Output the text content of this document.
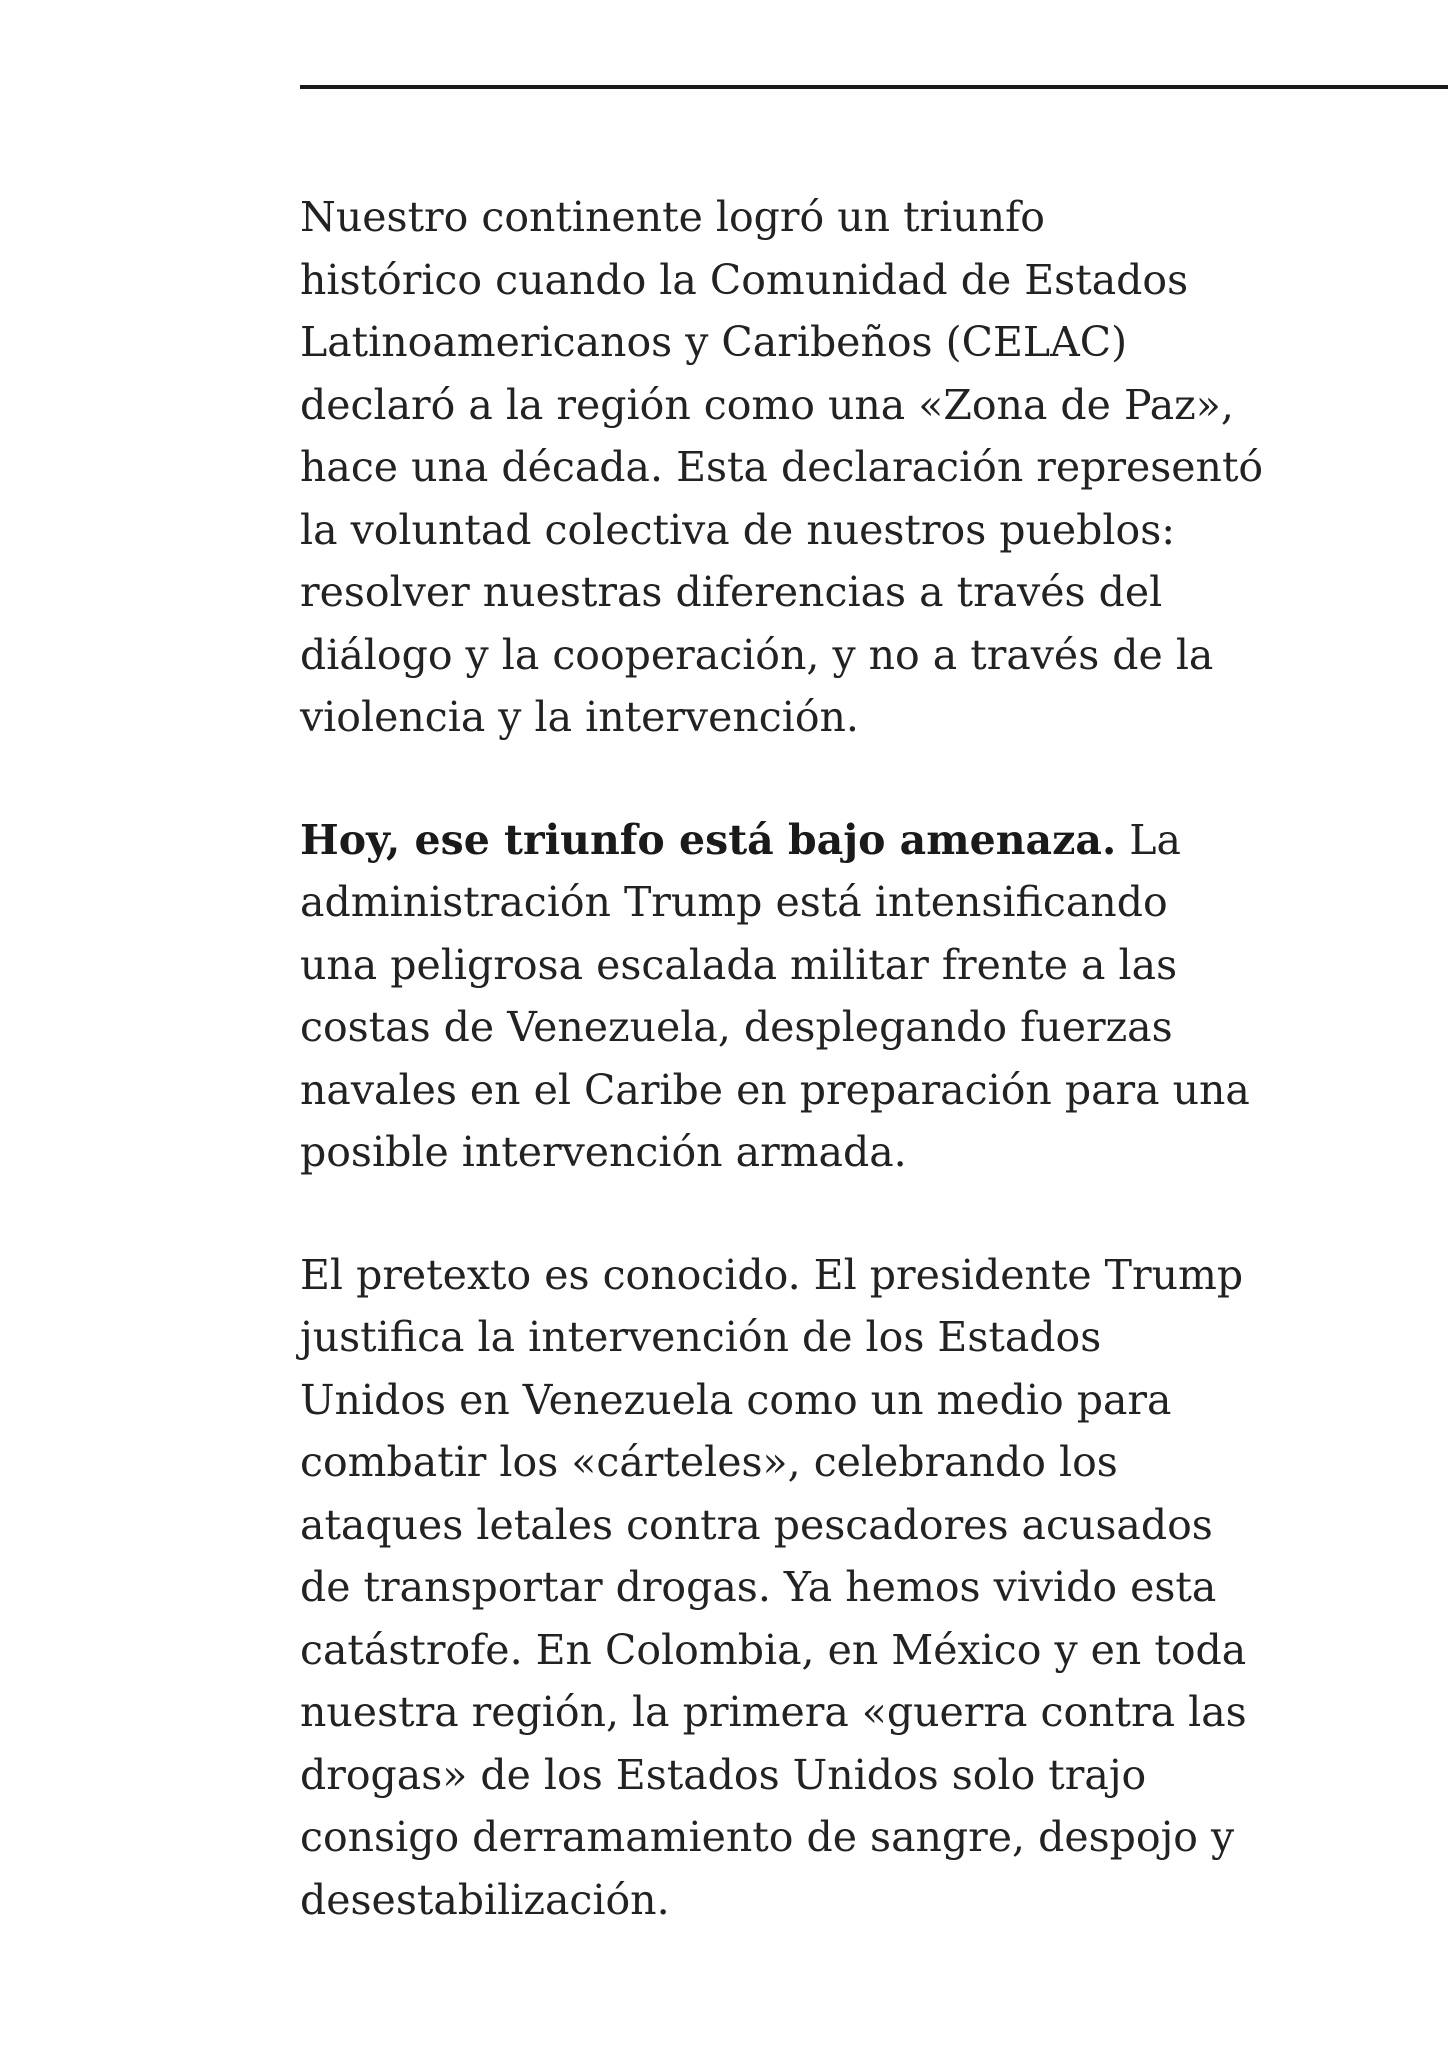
Nuestro continente logró un triunfo
histórico cuando la Comunidad de Estados
Latinoamericanos y Caribeños (CELAC)
declaró a la región como una «Zona de Paz»,
hace una década. Esta declaración representó
la voluntad colectiva de nuestros pueblos:
resolver nuestras diferencias a través del
diálogo y la cooperación, y no a través de la
violencia y la intervención.

Hoy, ese triunfo está bajo amenaza. La
administración Trump está intensificando
una peligrosa escalada militar frente a las
costas de Venezuela, desplegando fuerzas
navales en el Caribe en preparación para una
posible intervención armada.

El pretexto es conocido. El presidente Trump
justifica la intervención de los Estados
Unidos en Venezuela como un medio para
combatir los «cárteles», celebrando los
ataques letales contra pescadores acusados
de transportar drogas. Ya hemos vivido esta
catástrofe. En Colombia, en México y en toda
nuestra región, la primera «guerra contra las
drogas» de los Estados Unidos solo trajo
consigo derramamiento de sangre, despojo y
desestabilización.
